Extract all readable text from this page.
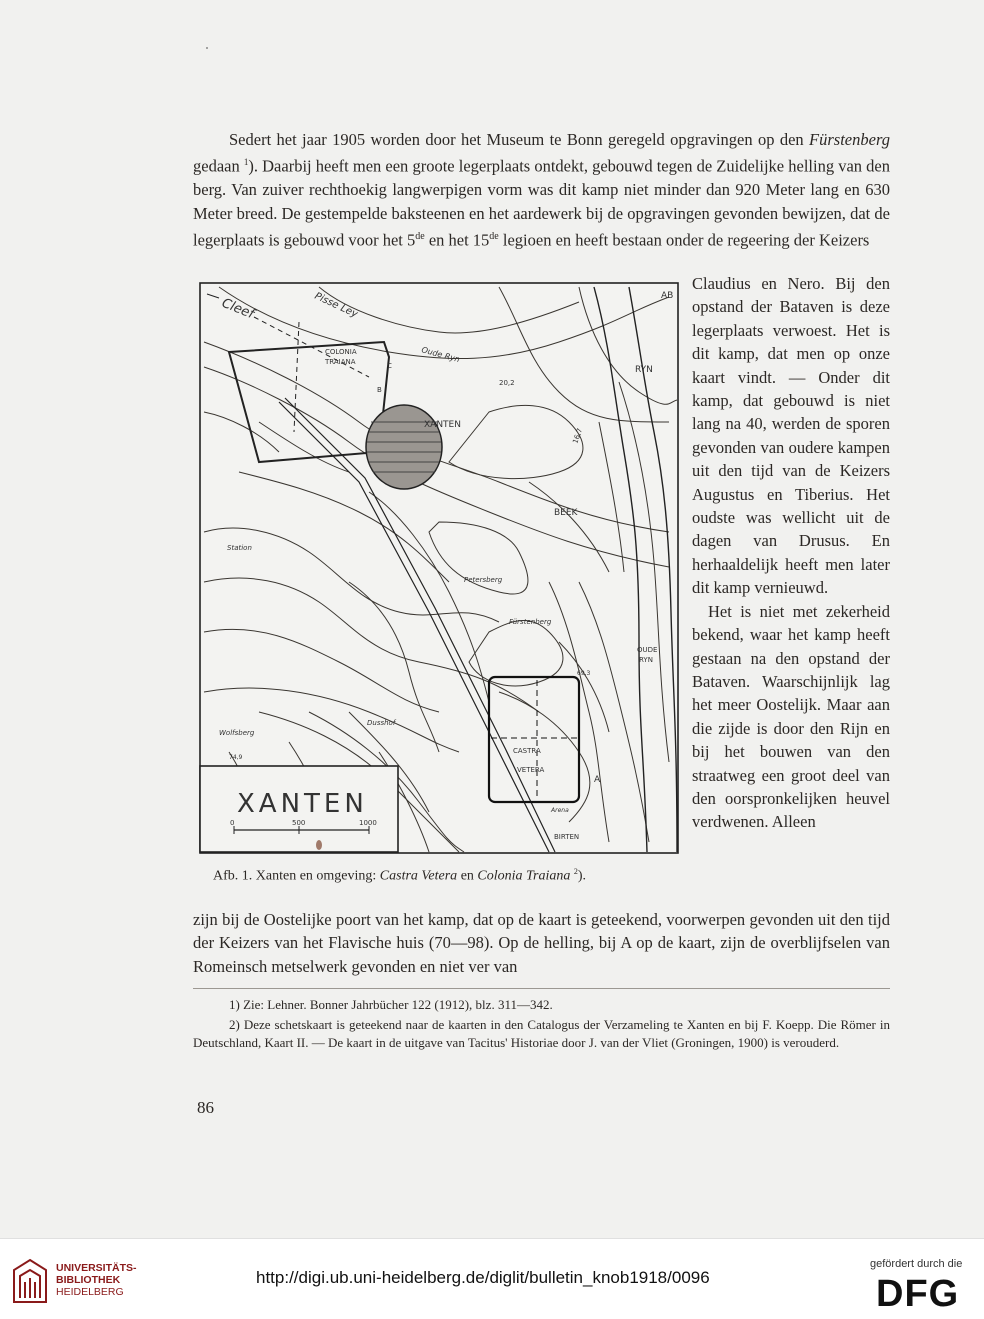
Sedert het jaar 1905 worden door het Museum te Bonn geregeld opgravingen op den Fürstenberg gedaan $^1$). Daarbij heeft men een groote legerplaats ontdekt, gebouwd tegen de Zuidelijke helling van den berg. Van zuiver rechthoekig langwerpigen vorm was dit kamp niet minder dan 920 Meter lang en 630 Meter breed. De gestempelde baksteenen en het aardewerk bij de opgravingen gevonden bewijzen, dat de legerplaats is gebouwd voor het 5de en het 15de legioen en heeft bestaan onder de regeering der Keizers

Claudius en Nero. Bij den opstand der Bataven is deze legerplaats verwoest. Het is dit kamp, dat men op onze kaart vindt. — Onder dit kamp, dat gebouwd is niet lang na 40, werden de sporen gevonden van oudere kampen uit den tijd van de Keizers Augustus en Tiberius. Het oudste was wellicht uit de dagen van Drusus. En herhaaldelijk heeft men later dit kamp vernieuwd.
Het is niet met zekerheid bekend, waar het kamp heeft gestaan na den opstand der Bataven. Waarschijnlijk lag het meer Oostelijk. Maar aan die zijde is door den Rijn en bij het bouwen van den straatweg een groot deel van den oorspronkelijken heuvel verdwenen. Alleen
XANTEN
0	500	1000
Cleef	Pisse Ley	AB
COLONIA
TRAIANA	C
B
Oude Ryn
RYN
20,2
XANTEN
16,7
BEEK
Station
Petersberg
Fürstenberg
OUDE
RYN
69,3
Wolfsberg
74,9
Dusshof
CASTRA
VETERA
A
Arena
BIRTEN
Afb. 1. Xanten en omgeving: Castra Vetera en Colonia Traiana $^2$).

zijn bij de Oostelijke poort van het kamp, dat op de kaart is geteekend, voorwerpen gevonden uit den tijd der Keizers van het Flavische huis (70—98). Op de helling, bij A op de kaart, zijn de overblijfselen van Romeinsch metselwerk gevonden en niet ver van

1) Zie: Lehner. Bonner Jahrbücher 122 (1912), blz. 311—342.
2) Deze schetskaart is geteekend naar de kaarten in den Catalogus der Verzameling te Xanten en bij F. Koepp. Die Römer in Deutschland, Kaart II. — De kaart in de uitgave van Tacitus' Historiae door J. van der Vliet (Groningen, 1900) is verouderd.
86
UNIVERSITÄTS-
BIBLIOTHEK
HEIDELBERG
http://digi.ub.uni-heidelberg.de/diglit/bulletin_knob1918/0096
gefördert durch die
DFG
